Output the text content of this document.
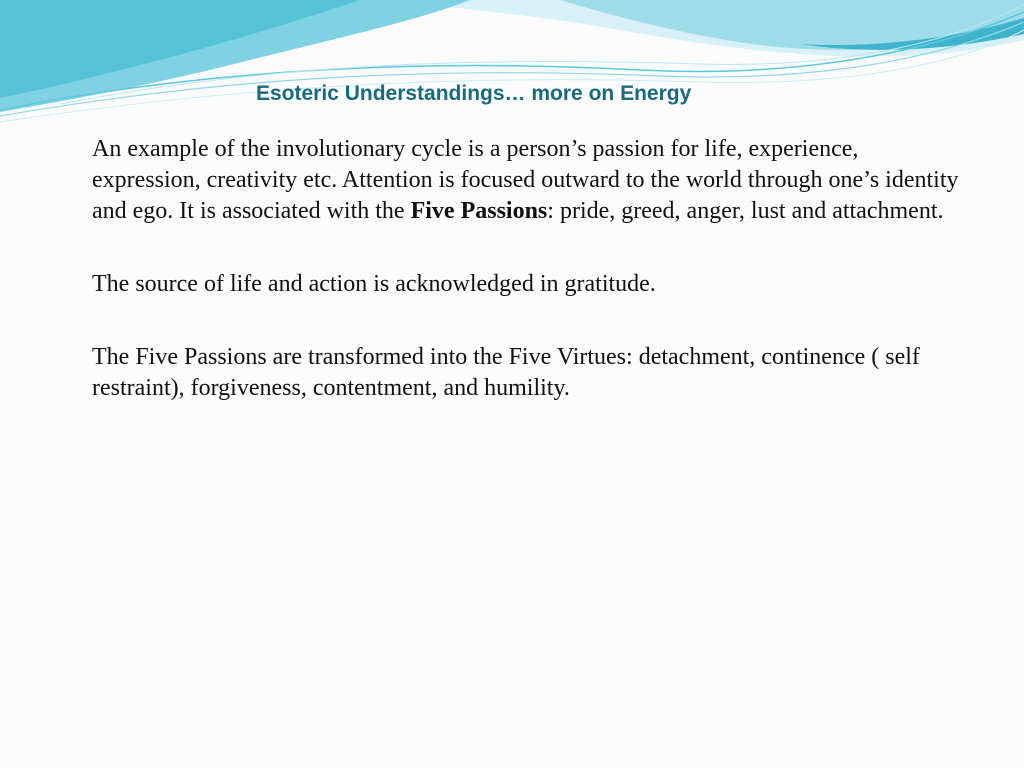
Esoteric Understandings… more on Energy

An example of the involutionary cycle is a person’s passion for life, experience, expression, creativity etc. Attention is focused outward to the world through one’s identity and ego. It is associated with the Five Passions: pride, greed, anger, lust and attachment.

The source of life and action is acknowledged in gratitude.

The Five Passions are transformed into the Five Virtues: detachment, continence ( self restraint), forgiveness, contentment, and humility.
